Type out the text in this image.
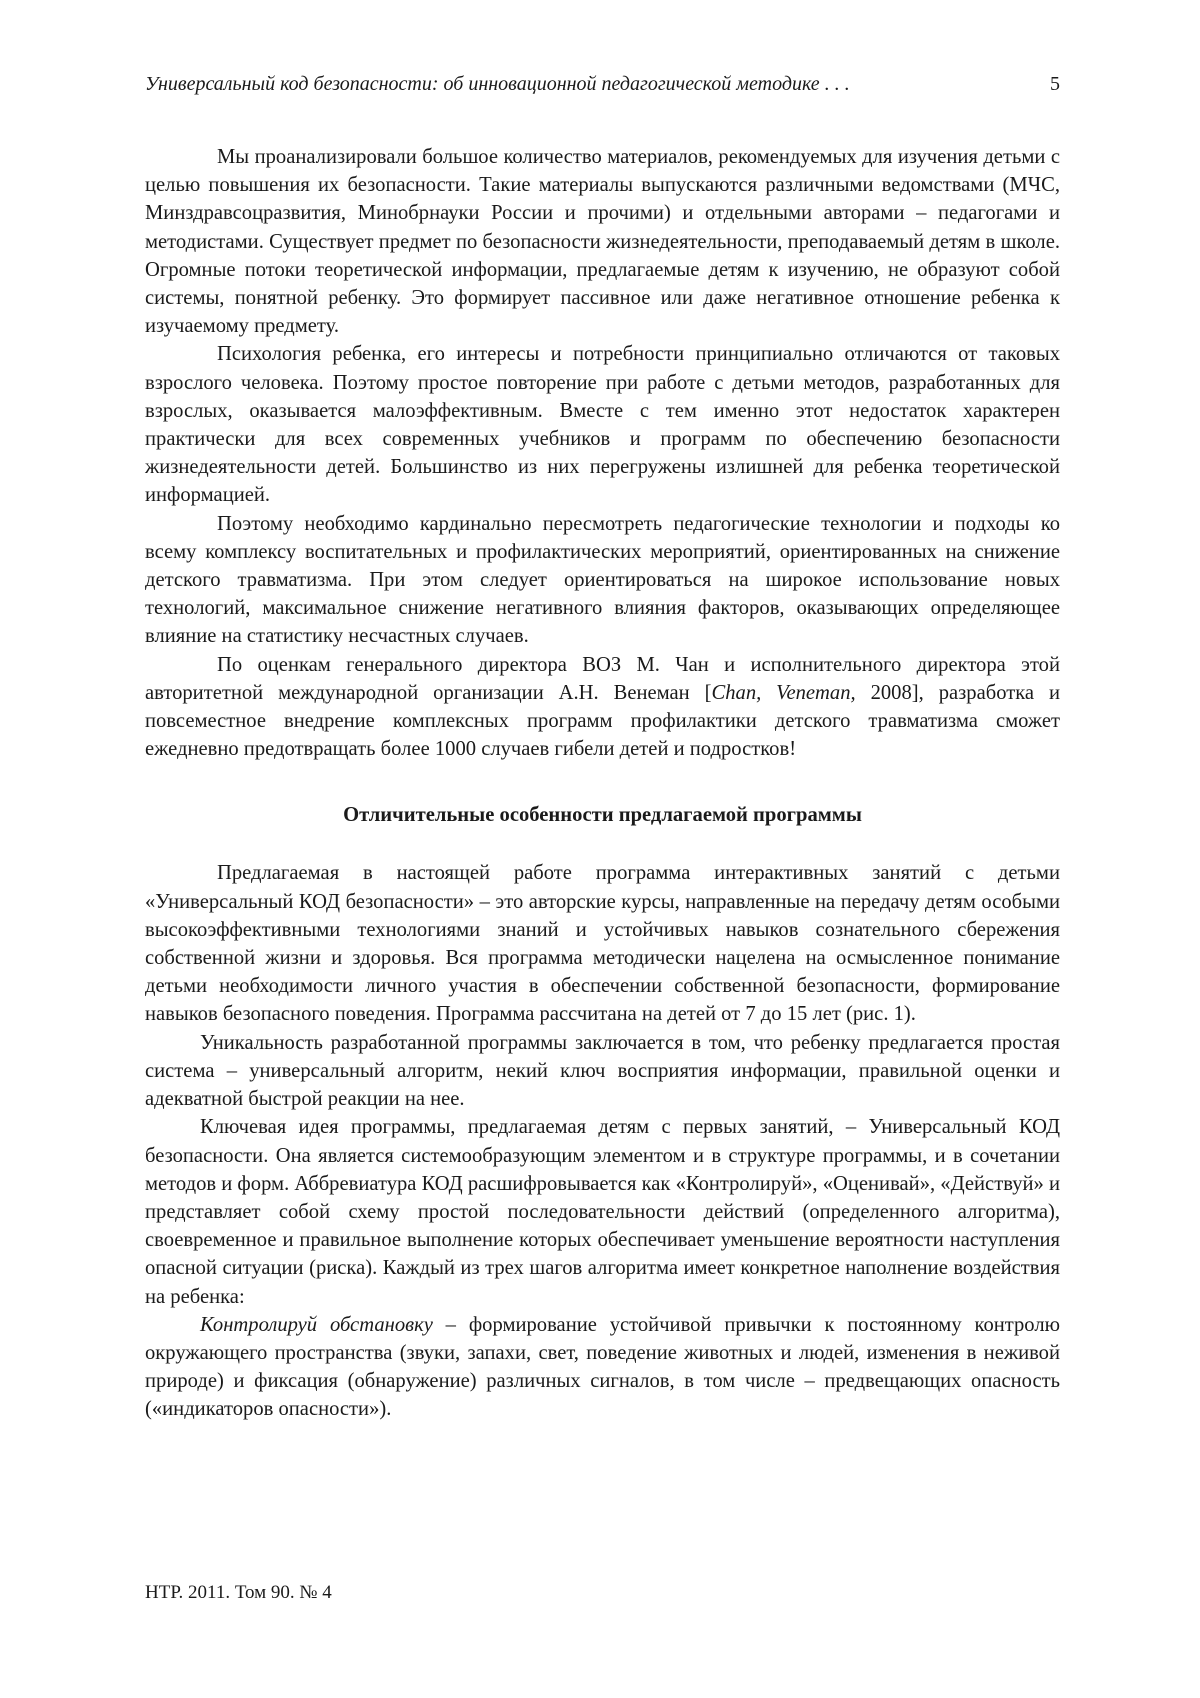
Универсальный код безопасности: об инновационной педагогической методике . . .	5

Мы проанализировали большое количество материалов, рекомендуемых для изучения детьми с целью повышения их безопасности. Такие материалы выпускаются различными ведомствами (МЧС, Минздравсоцразвития, Минобрнауки России и прочими) и отдельными авторами – педагогами и методистами. Существует предмет по безопасности жизнедеятельности, преподаваемый детям в школе. Огромные потоки теоретической информации, предлагаемые детям к изучению, не образуют собой системы, понятной ребенку. Это формирует пассивное или даже негативное отношение ребенка к изучаемому предмету.

Психология ребенка, его интересы и потребности принципиально отличаются от таковых взрослого человека. Поэтому простое повторение при работе с детьми методов, разработанных для взрослых, оказывается малоэффективным. Вместе с тем именно этот недостаток характерен практически для всех современных учебников и программ по обеспечению безопасности жизнедеятельности детей. Большинство из них перегружены излишней для ребенка теоретической информацией.

Поэтому необходимо кардинально пересмотреть педагогические технологии и подходы ко всему комплексу воспитательных и профилактических мероприятий, ориентированных на снижение детского травматизма. При этом следует ориентироваться на широкое использование новых технологий, максимальное снижение негативного влияния факторов, оказывающих определяющее влияние на статистику несчастных случаев.

По оценкам генерального директора ВОЗ М. Чан и исполнительного директора этой авторитетной международной организации А.Н. Венеман [Chan, Veneman, 2008], разработка и повсеместное внедрение комплексных программ профилактики детского травматизма сможет ежедневно предотвращать более 1000 случаев гибели детей и подростков!

Отличительные особенности предлагаемой программы

Предлагаемая в настоящей работе программа интерактивных занятий с детьми «Универсальный КОД безопасности» – это авторские курсы, направленные на передачу детям особыми высокоэффективными технологиями знаний и устойчивых навыков сознательного сбережения собственной жизни и здоровья. Вся программа методически нацелена на осмысленное понимание детьми необходимости личного участия в обеспечении собственной безопасности, формирование навыков безопасного поведения. Программа рассчитана на детей от 7 до 15 лет (рис. 1).

Уникальность разработанной программы заключается в том, что ребенку предлагается простая система – универсальный алгоритм, некий ключ восприятия информации, правильной оценки и адекватной быстрой реакции на нее.

Ключевая идея программы, предлагаемая детям с первых занятий, – Универсальный КОД безопасности. Она является системообразующим элементом и в структуре программы, и в сочетании методов и форм. Аббревиатура КОД расшифровывается как «Контролируй», «Оценивай», «Действуй» и представляет собой схему простой последовательности действий (определенного алгоритма), своевременное и правильное выполнение которых обеспечивает уменьшение вероятности наступления опасной ситуации (риска). Каждый из трех шагов алгоритма имеет конкретное наполнение воздействия на ребенка:

Контролируй обстановку – формирование устойчивой привычки к постоянному контролю окружающего пространства (звуки, запахи, свет, поведение животных и людей, изменения в неживой природе) и фиксация (обнаружение) различных сигналов, в том числе – предвещающих опасность («индикаторов опасности»).

НТР. 2011. Том 90. № 4
